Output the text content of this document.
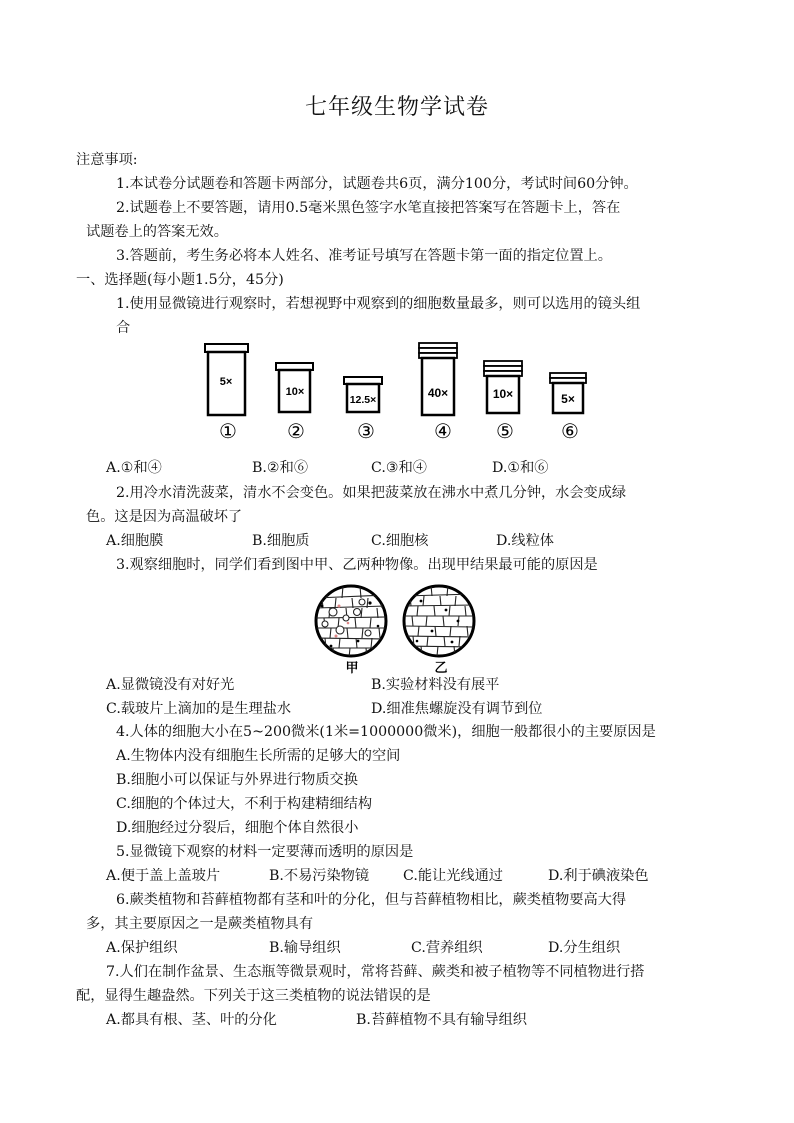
七年级生物学试卷
注意事项:
1.本试卷分试题卷和答题卡两部分，试题卷共6页，满分100分，考试时间60分钟。
2.试题卷上不要答题，请用0.5毫米黑色签字水笔直接把答案写在答题卡上，答在
试题卷上的答案无效。
3.答题前，考生务必将本人姓名、准考证号填写在答题卡第一面的指定位置上。
一、选择题(每小题1.5分，45分)
1.使用显微镜进行观察时，若想视野中观察到的细胞数量最多，则可以选用的镜头组
合
5×
①
10×
②
12.5×
③
40×
④
10×
⑤
5×
⑥
A.①和④	B.②和⑥	C.③和④	D.①和⑥
2.用冷水清洗菠菜，清水不会变色。如果把菠菜放在沸水中煮几分钟，水会变成绿
色。这是因为高温破坏了
A.细胞膜	B.细胞质	C.细胞核	D.线粒体
3.观察细胞时，同学们看到图中甲、乙两种物像。出现甲结果最可能的原因是
甲	乙
A.显微镜没有对好光	B.实验材料没有展平
C.载玻片上滴加的是生理盐水	D.细准焦螺旋没有调节到位
4.人体的细胞大小在5~200微米(1米=1000000微米)，细胞一般都很小的主要原因是
A.生物体内没有细胞生长所需的足够大的空间
B.细胞小可以保证与外界进行物质交换
C.细胞的个体过大，不利于构建精细结构
D.细胞经过分裂后，细胞个体自然很小
5.显微镜下观察的材料一定要薄而透明的原因是
A.便于盖上盖玻片	B.不易污染物镜 C.能让光线通过	D.利于碘液染色
6.蕨类植物和苔藓植物都有茎和叶的分化，但与苔藓植物相比，蕨类植物要高大得
多，其主要原因之一是蕨类植物具有
A.保护组织	B.输导组织	C.营养组织	D.分生组织
7.人们在制作盆景、生态瓶等微景观时，常将苔藓、蕨类和被子植物等不同植物进行搭
配，显得生趣盎然。下列关于这三类植物的说法错误的是
A.都具有根、茎、叶的分化	B.苔藓植物不具有输导组织
